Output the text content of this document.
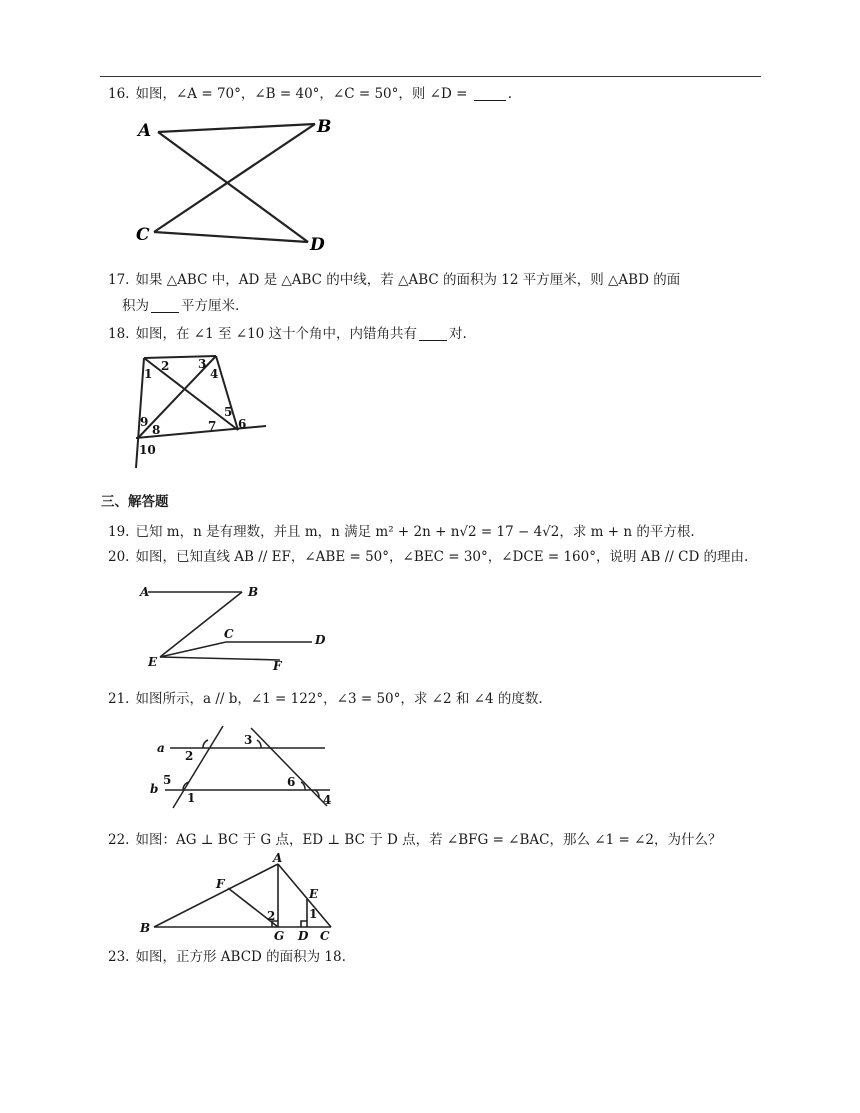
16. 如图，∠A = 70°，∠B = 40°，∠C = 50°，则 ∠D =	.
A	B
C	D
17. 如果 △ABC 中，AD 是 △ABC 的中线，若 △ABC 的面积为 12 平方厘米，则 △ABD 的面
积为 平方厘米.
18. 如图，在 ∠1 至 ∠10 这十个角中，内错角共有 对.
1
2 3
4
5
6
7
8
9
10
三、解答题
19. 已知 m，n 是有理数，并且 m，n 满足 m² + 2n + n√2 = 17 − 4√2，求 m + n 的平方根.
20. 如图，已知直线 AB // EF，∠ABE = 50°，∠BEC = 30°，∠DCE = 160°，说明 AB // CD 的理由.
A	B
C	D
E	F
21. 如图所示，a // b，∠1 = 122°，∠3 = 50°，求 ∠2 和 ∠4 的度数.
a
b
2
3
5
1
6
4
22. 如图：AG ⊥ BC 于 G 点，ED ⊥ BC 于 D 点，若 ∠BFG = ∠BAC，那么 ∠1 = ∠2，为什么？
A
B
F
E
G D C
2	1
23. 如图，正方形 ABCD 的面积为 18.
